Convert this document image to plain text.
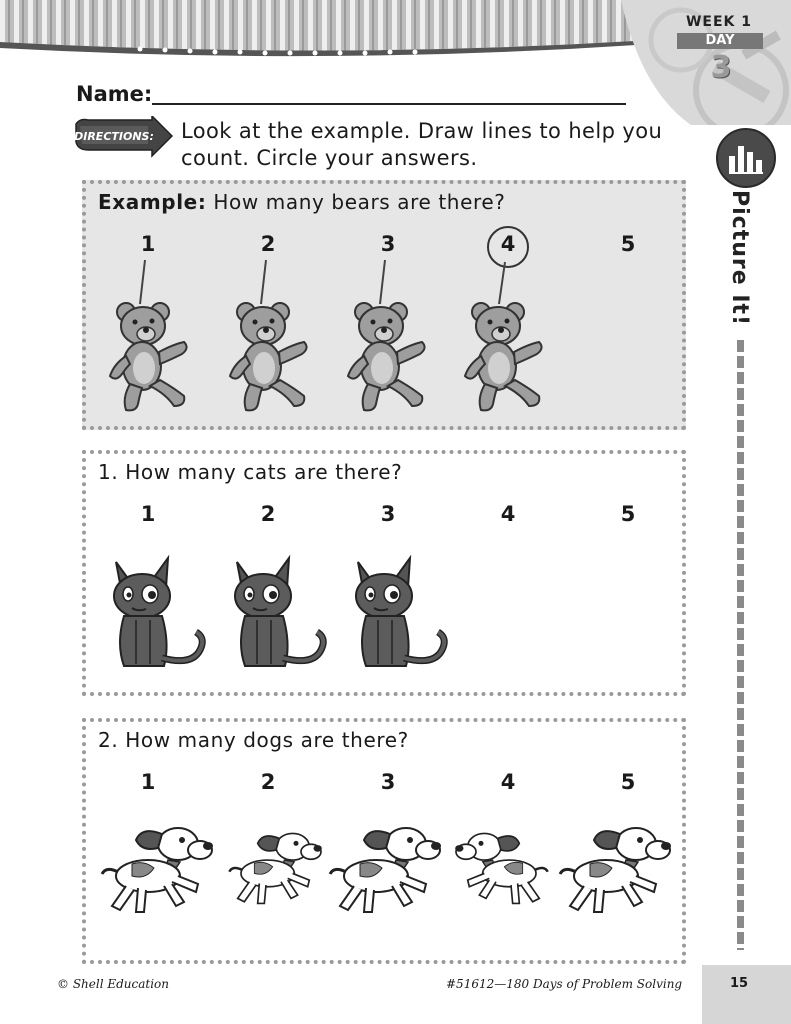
WEEK 1
DAY
3
Name:
DIRECTIONS: Look at the example. Draw lines to help you count. Circle your answers.
Picture It!
Example: How many bears are there?
1	2	3	4	5
1. How many cats are there?
1	2	3	4	5
2. How many dogs are there?
1	2	3	4	5
© Shell Education	#51612—180 Days of Problem Solving	15
